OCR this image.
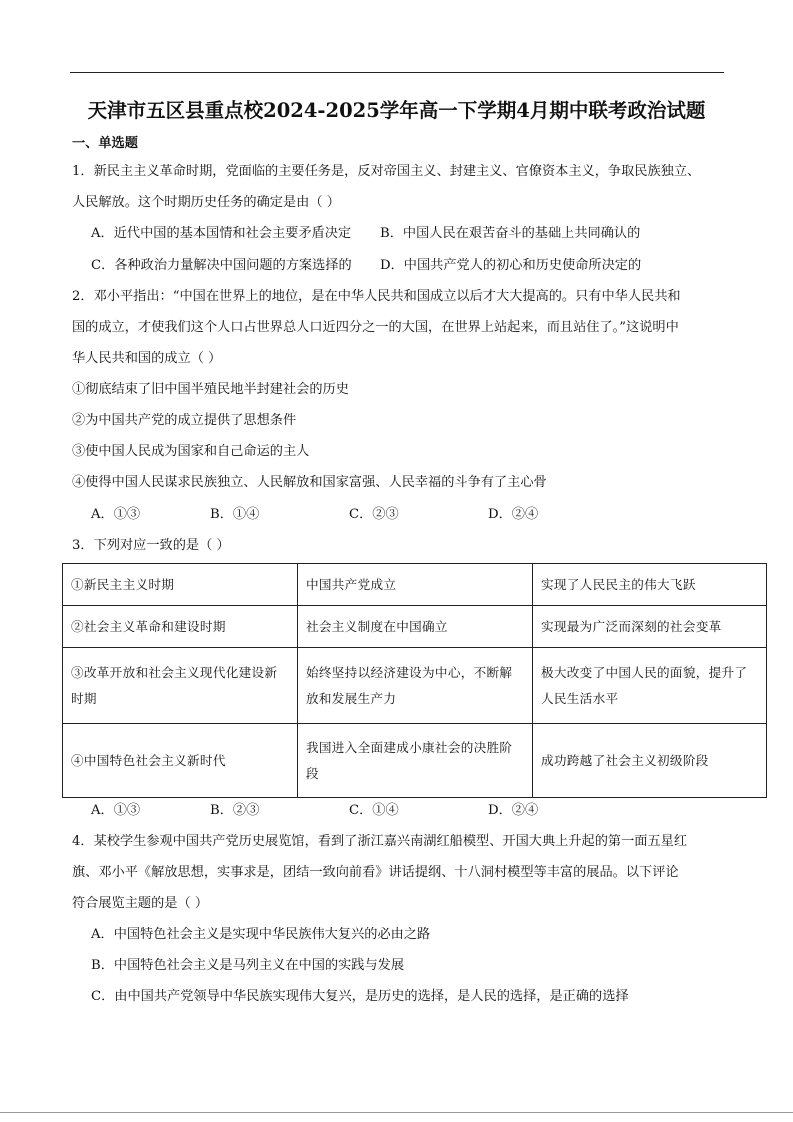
天津市五区县重点校2024-2025学年高一下学期4月期中联考政治试题
一、单选题
1．新民主主义革命时期，党面临的主要任务是，反对帝国主义、封建主义、官僚资本主义，争取民族独立、
人民解放。这个时期历史任务的确定是由（ ）
A．近代中国的基本国情和社会主要矛盾决定 B．中国人民在艰苦奋斗的基础上共同确认的
C．各种政治力量解决中国问题的方案选择的 D．中国共产党人的初心和历史使命所决定的
2．邓小平指出：“中国在世界上的地位，是在中华人民共和国成立以后才大大提高的。只有中华人民共和
国的成立，才使我们这个人口占世界总人口近四分之一的大国，在世界上站起来，而且站住了。”这说明中
华人民共和国的成立（ ）
①彻底结束了旧中国半殖民地半封建社会的历史
②为中国共产党的成立提供了思想条件
③使中国人民成为国家和自己命运的主人
④使得中国人民谋求民族独立、人民解放和国家富强、人民幸福的斗争有了主心骨
A．①③	B．①④	C．②③	D．②④
3．下列对应一致的是（ ）
①新民主主义时期	中国共产党成立	实现了人民民主的伟大飞跃
②社会主义革命和建设时期	社会主义制度在中国确立	实现最为广泛而深刻的社会变革
③改革开放和社会主义现代化建设新时期	始终坚持以经济建设为中心，不断解放和发展生产力	极大改变了中国人民的面貌，提升了人民生活水平
④中国特色社会主义新时代	我国进入全面建成小康社会的决胜阶段	成功跨越了社会主义初级阶段
A．①③	B．②③	C．①④	D．②④
4．某校学生参观中国共产党历史展览馆，看到了浙江嘉兴南湖红船模型、开国大典上升起的第一面五星红
旗、邓小平《解放思想，实事求是，团结一致向前看》讲话提纲、十八洞村模型等丰富的展品。以下评论
符合展览主题的是（ ）
A．中国特色社会主义是实现中华民族伟大复兴的必由之路
B．中国特色社会主义是马列主义在中国的实践与发展
C．由中国共产党领导中华民族实现伟大复兴，是历史的选择，是人民的选择，是正确的选择
